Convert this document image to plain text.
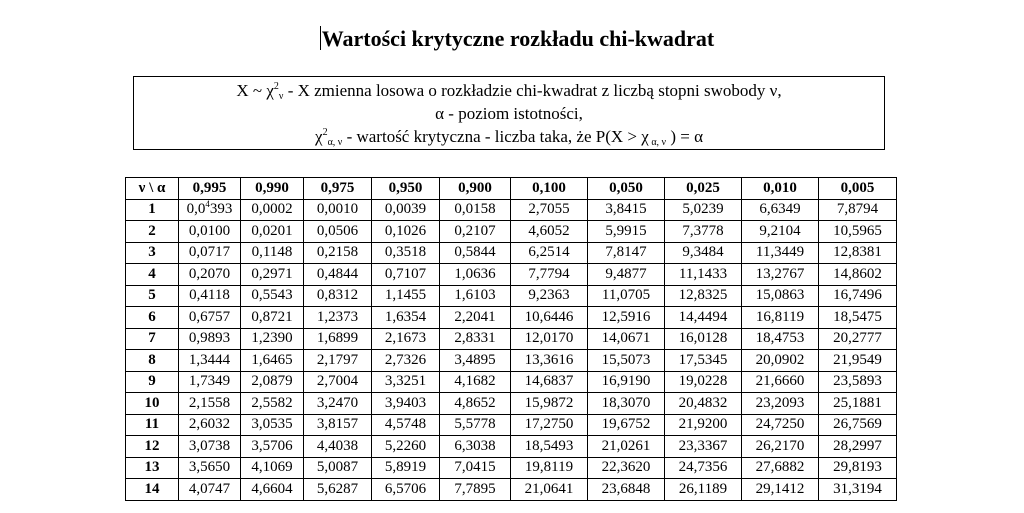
Wartości krytyczne rozkładu chi-kwadrat
X ~ $\chi^2_\nu$ - X zmienna losowa o rozkładzie chi-kwadrat z liczbą stopni swobody ν,
α - poziom istotności,
$\chi^2_{\alpha, \nu}$ - wartość krytyczna - liczba taka, że P(X > χ $_{\alpha, \nu}$ ) = α
ν \ α	0,995	0,990	0,975	0,950	0,900	0,100	0,050	0,025	0,010	0,005
1	$0,0^4393$	0,0002	0,0010	0,0039	0,0158	2,7055	3,8415	5,0239	6,6349	7,8794
2	0,0100	0,0201	0,0506	0,1026	0,2107	4,6052	5,9915	7,3778	9,2104	10,5965
3	0,0717	0,1148	0,2158	0,3518	0,5844	6,2514	7,8147	9,3484	11,3449	12,8381
4	0,2070	0,2971	0,4844	0,7107	1,0636	7,7794	9,4877	11,1433	13,2767	14,8602
5	0,4118	0,5543	0,8312	1,1455	1,6103	9,2363	11,0705	12,8325	15,0863	16,7496
6	0,6757	0,8721	1,2373	1,6354	2,2041	10,6446	12,5916	14,4494	16,8119	18,5475
7	0,9893	1,2390	1,6899	2,1673	2,8331	12,0170	14,0671	16,0128	18,4753	20,2777
8	1,3444	1,6465	2,1797	2,7326	3,4895	13,3616	15,5073	17,5345	20,0902	21,9549
9	1,7349	2,0879	2,7004	3,3251	4,1682	14,6837	16,9190	19,0228	21,6660	23,5893
10	2,1558	2,5582	3,2470	3,9403	4,8652	15,9872	18,3070	20,4832	23,2093	25,1881
11	2,6032	3,0535	3,8157	4,5748	5,5778	17,2750	19,6752	21,9200	24,7250	26,7569
12	3,0738	3,5706	4,4038	5,2260	6,3038	18,5493	21,0261	23,3367	26,2170	28,2997
13	3,5650	4,1069	5,0087	5,8919	7,0415	19,8119	22,3620	24,7356	27,6882	29,8193
14	4,0747	4,6604	5,6287	6,5706	7,7895	21,0641	23,6848	26,1189	29,1412	31,3194
